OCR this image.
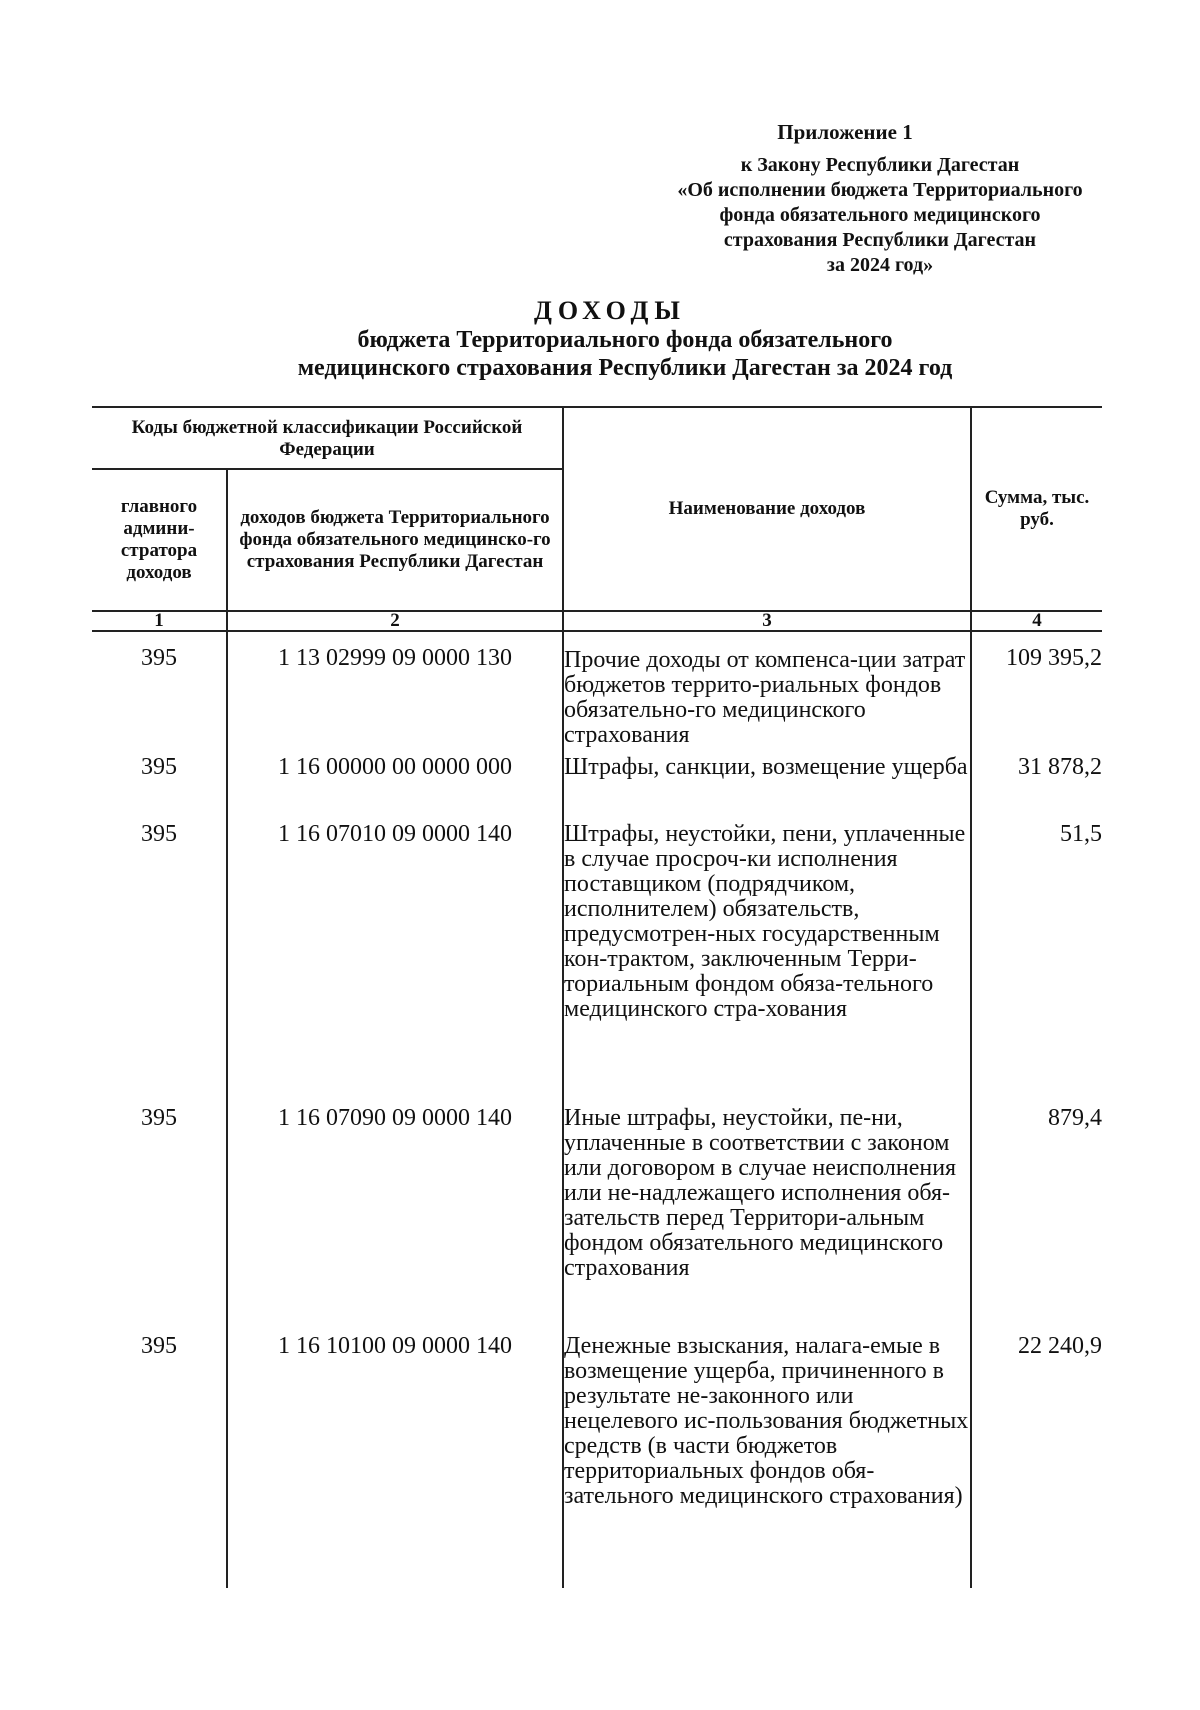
Приложение 1
к Закону Республики Дагестан
«Об исполнении бюджета Территориального
фонда обязательного медицинского
страхования Республики Дагестан
за 2024 год»
ДОХОДЫ
бюджета Территориального фонда обязательного
медицинского страхования Республики Дагестан за 2024 год
Коды бюджетной классификации Российской Федерации		Наименование доходов	Сумма, тыс. руб.
главного админи-стратора доходов	доходов бюджета Территориального фонда обязательного медицинско-го страхования Республики Дагестан		
1	2	3	4
395	1 13 02999 09 0000 130	Прочие доходы от компенса-ции затрат бюджетов террито-риальных фондов обязательно-го медицинского страхования	109 395,2
395	1 16 00000 00 0000 000	Штрафы, санкции, возмещение ущерба	31 878,2
395	1 16 07010 09 0000 140	Штрафы, неустойки, пени, уплаченные в случае просроч-ки исполнения поставщиком (подрядчиком, исполнителем) обязательств, предусмотрен-ных государственным кон-трактом, заключенным Терри-ториальным фондом обяза-тельного медицинского стра-хования	51,5
395	1 16 07090 09 0000 140	Иные штрафы, неустойки, пе-ни, уплаченные в соответствии с законом или договором в случае неисполнения или не-надлежащего исполнения обя-зательств перед Территори-альным фондом обязательного медицинского страхования	879,4
395	1 16 10100 09 0000 140	Денежные взыскания, налага-емые в возмещение ущерба, причиненного в результате не-законного или нецелевого ис-пользования бюджетных средств (в части бюджетов территориальных фондов обя-зательного медицинского страхования)	22 240,9
